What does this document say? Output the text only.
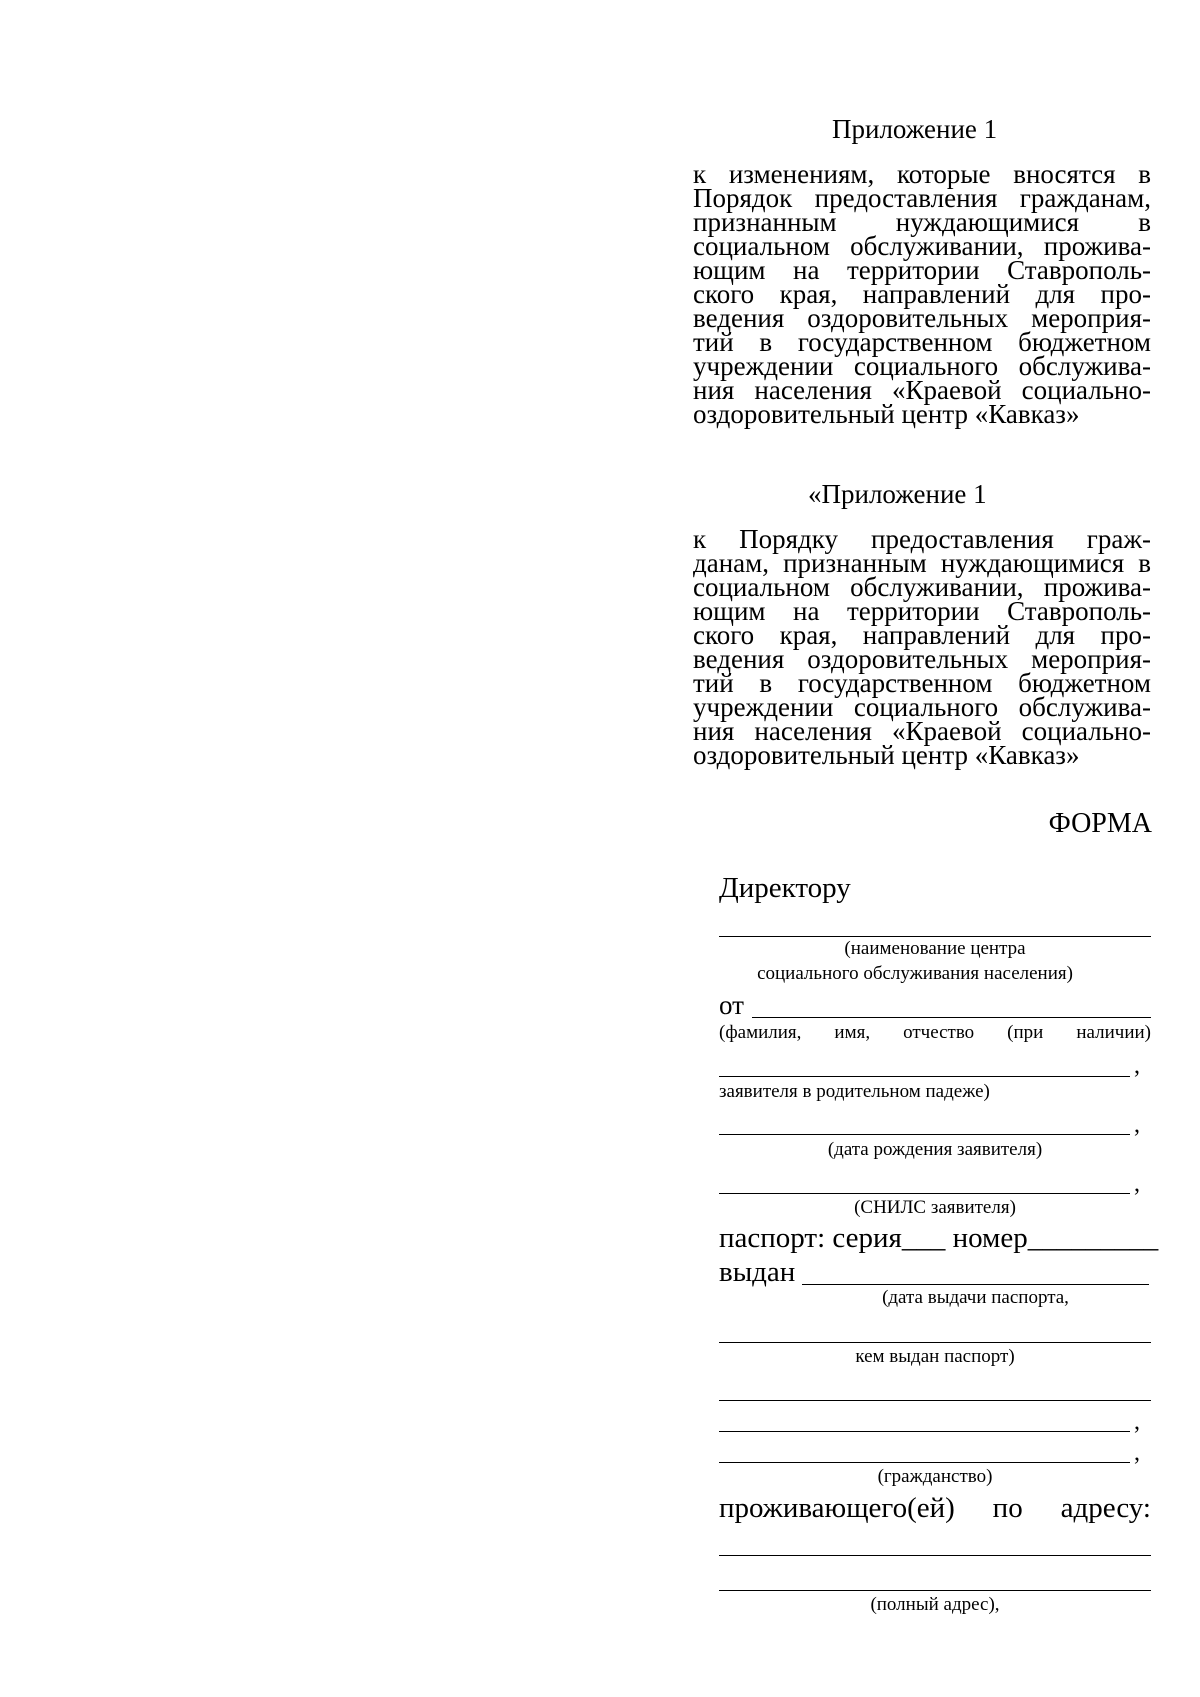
Приложение 1
к изменениям, которые вносятся в
Порядок предоставления гражданам,
признанным нуждающимися в
социальном обслуживании, прожива-
ющим на территории Ставрополь-
ского края, направлений для про-
ведения оздоровительных мероприя-
тий в государственном бюджетном
учреждении социального обслужива-
ния населения «Краевой социально-
оздоровительный центр «Кавказ»
«Приложение 1
к Порядку предоставления граж-
данам, признанным нуждающимися в
социальном обслуживании, прожива-
ющим на территории Ставрополь-
ского края, направлений для про-
ведения оздоровительных мероприя-
тий в государственном бюджетном
учреждении социального обслужива-
ния населения «Краевой социально-
оздоровительный центр «Кавказ»
ФОРМА
Директору
(наименование центра
социального обслуживания населения)
от
(фамилия, имя, отчество (при наличии)
,
заявителя в родительном падеже)
,
(дата рождения заявителя)
,
(СНИЛС заявителя)
паспорт: серия___ номер_________
выдан
(дата выдачи паспорта,
кем выдан паспорт)
,
,
(гражданство)
проживающего(ей) по адресу:
(полный адрес),
